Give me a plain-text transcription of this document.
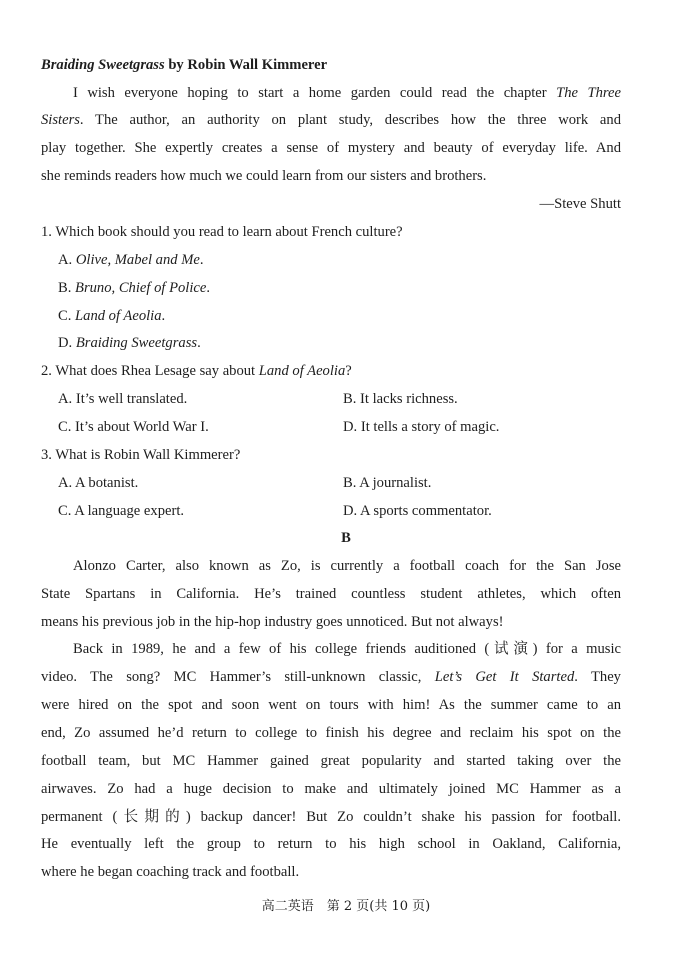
Braiding Sweetgrass by Robin Wall Kimmerer
I wish everyone hoping to start a home garden could read the chapter The Three
Sisters. The author, an authority on plant study, describes how the three work and
play together. She expertly creates a sense of mystery and beauty of everyday life. And
she reminds readers how much we could learn from our sisters and brothers.
—Steve Shutt
1. Which book should you read to learn about French culture?
A. Olive, Mabel and Me.
B. Bruno, Chief of Police.
C. Land of Aeolia.
D. Braiding Sweetgrass.
2. What does Rhea Lesage say about Land of Aeolia?
A. It’s well translated.	B. It lacks richness.
C. It’s about World War I.	D. It tells a story of magic.
3. What is Robin Wall Kimmerer?
A. A botanist.	B. A journalist.
C. A language expert.	D. A sports commentator.
B
Alonzo Carter, also known as Zo, is currently a football coach for the San Jose
State Spartans in California. He’s trained countless student athletes, which often
means his previous job in the hip-hop industry goes unnoticed. But not always!
Back in 1989, he and a few of his college friends auditioned (试演) for a music
video. The song? MC Hammer’s still-unknown classic, Let’s Get It Started. They
were hired on the spot and soon went on tours with him! As the summer came to an
end, Zo assumed he’d return to college to finish his degree and reclaim his spot on the
football team, but MC Hammer gained great popularity and started taking over the
airwaves. Zo had a huge decision to make and ultimately joined MC Hammer as a
permanent (长期的) backup dancer! But Zo couldn’t shake his passion for football.
He eventually left the group to return to his high school in Oakland, California,
where he began coaching track and football.
高二英语　第 2 页(共 10 页)
